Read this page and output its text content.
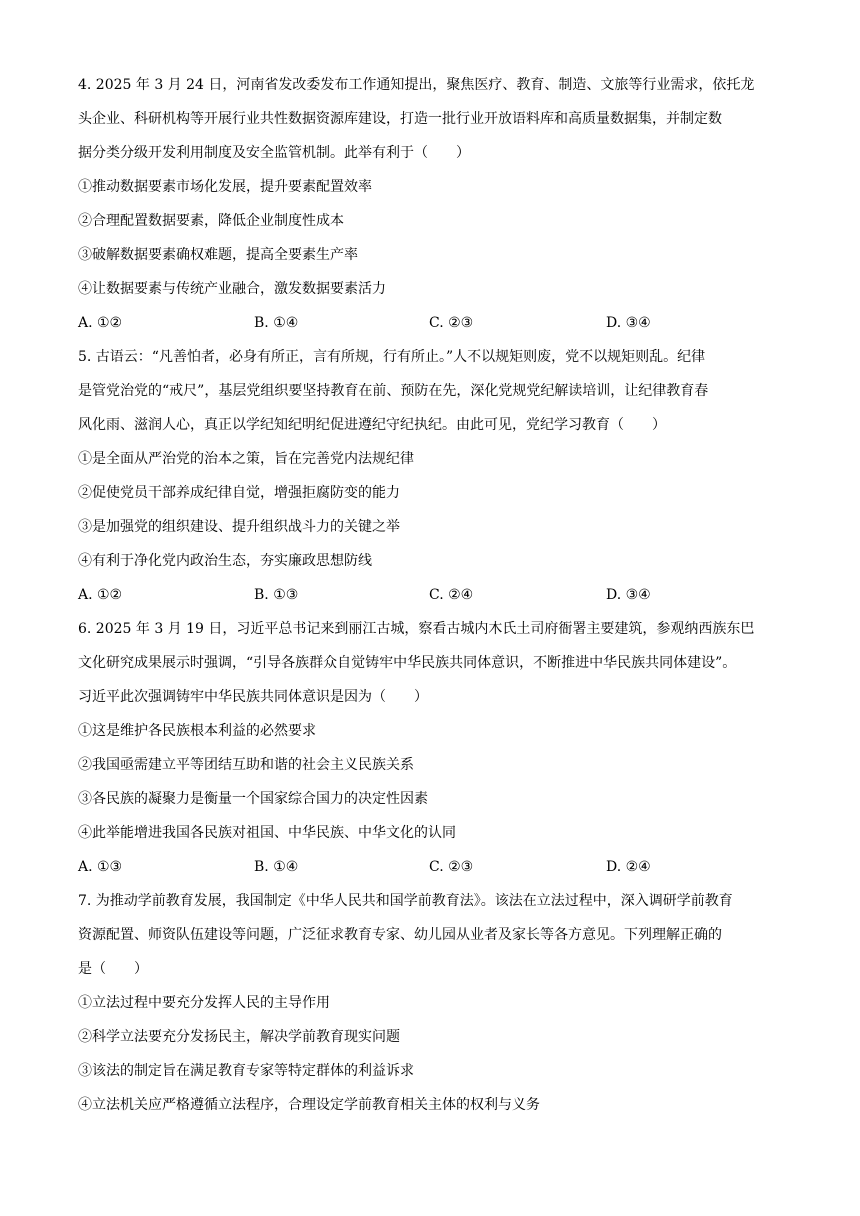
4. 2025 年 3 月 24 日，河南省发改委发布工作通知提出，聚焦医疗、教育、制造、文旅等行业需求，依托龙
头企业、科研机构等开展行业共性数据资源库建设，打造一批行业开放语料库和高质量数据集，并制定数
据分类分级开发利用制度及安全监管机制。此举有利于（　　）
①推动数据要素市场化发展，提升要素配置效率
②合理配置数据要素，降低企业制度性成本
③破解数据要素确权难题，提高全要素生产率
④让数据要素与传统产业融合，激发数据要素活力
A. ①②	B. ①④	C. ②③	D. ③④
5. 古语云：“凡善怕者，必身有所正，言有所规，行有所止。”人不以规矩则废，党不以规矩则乱。纪律
是管党治党的“戒尺”，基层党组织要坚持教育在前、预防在先，深化党规党纪解读培训，让纪律教育春
风化雨、滋润人心，真正以学纪知纪明纪促进遵纪守纪执纪。由此可见，党纪学习教育（　　）
①是全面从严治党的治本之策，旨在完善党内法规纪律
②促使党员干部养成纪律自觉，增强拒腐防变的能力
③是加强党的组织建设、提升组织战斗力的关键之举
④有利于净化党内政治生态，夯实廉政思想防线
A. ①②	B. ①③	C. ②④	D. ③④
6. 2025 年 3 月 19 日，习近平总书记来到丽江古城，察看古城内木氏土司府衙署主要建筑，参观纳西族东巴
文化研究成果展示时强调，“引导各族群众自觉铸牢中华民族共同体意识，不断推进中华民族共同体建设”。
习近平此次强调铸牢中华民族共同体意识是因为（　　）
①这是维护各民族根本利益的必然要求
②我国亟需建立平等团结互助和谐的社会主义民族关系
③各民族的凝聚力是衡量一个国家综合国力的决定性因素
④此举能增进我国各民族对祖国、中华民族、中华文化的认同
A. ①③	B. ①④	C. ②③	D. ②④
7. 为推动学前教育发展，我国制定《中华人民共和国学前教育法》。该法在立法过程中，深入调研学前教育
资源配置、师资队伍建设等问题，广泛征求教育专家、幼儿园从业者及家长等各方意见。下列理解正确的
是（　　）
①立法过程中要充分发挥人民的主导作用
②科学立法要充分发扬民主，解决学前教育现实问题
③该法的制定旨在满足教育专家等特定群体的利益诉求
④立法机关应严格遵循立法程序，合理设定学前教育相关主体的权利与义务
